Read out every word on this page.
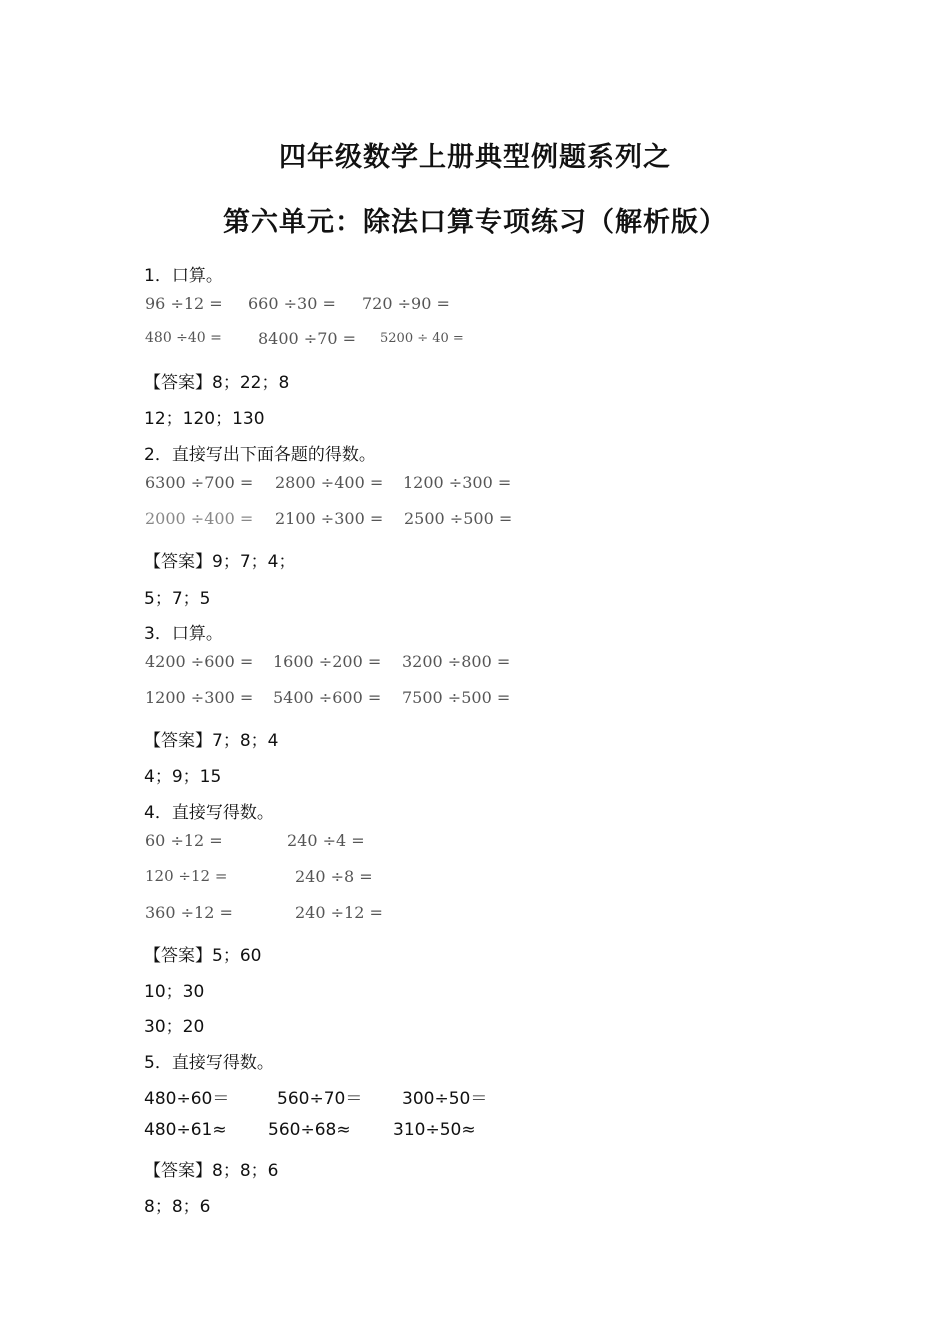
四年级数学上册典型例题系列之
第六单元：除法口算专项练习（解析版）
1．口算。
96 ÷12 = 660 ÷30 = 720 ÷90 =
480 ÷40 = 8400 ÷70 = 5200 ÷ 40 =
【答案】8；22；8
12；120；130
2．直接写出下面各题的得数。
6300 ÷700 = 2800 ÷400 = 1200 ÷300 =
2000 ÷400 = 2100 ÷300 = 2500 ÷500 =
【答案】9；7；4；
5；7；5
3．口算。
4200 ÷600 = 1600 ÷200 = 3200 ÷800 =
1200 ÷300 = 5400 ÷600 = 7500 ÷500 =
【答案】7；8；4
4；9；15
4．直接写得数。
60 ÷12 =	240 ÷4 =
120 ÷12 =	240 ÷8 =
360 ÷12 =	240 ÷12 =
【答案】5；60
10；30
30；20
5．直接写得数。
480÷60＝	560÷70＝ 300÷50＝
480÷61≈ 560÷68≈ 310÷50≈
【答案】8；8；6
8；8；6
